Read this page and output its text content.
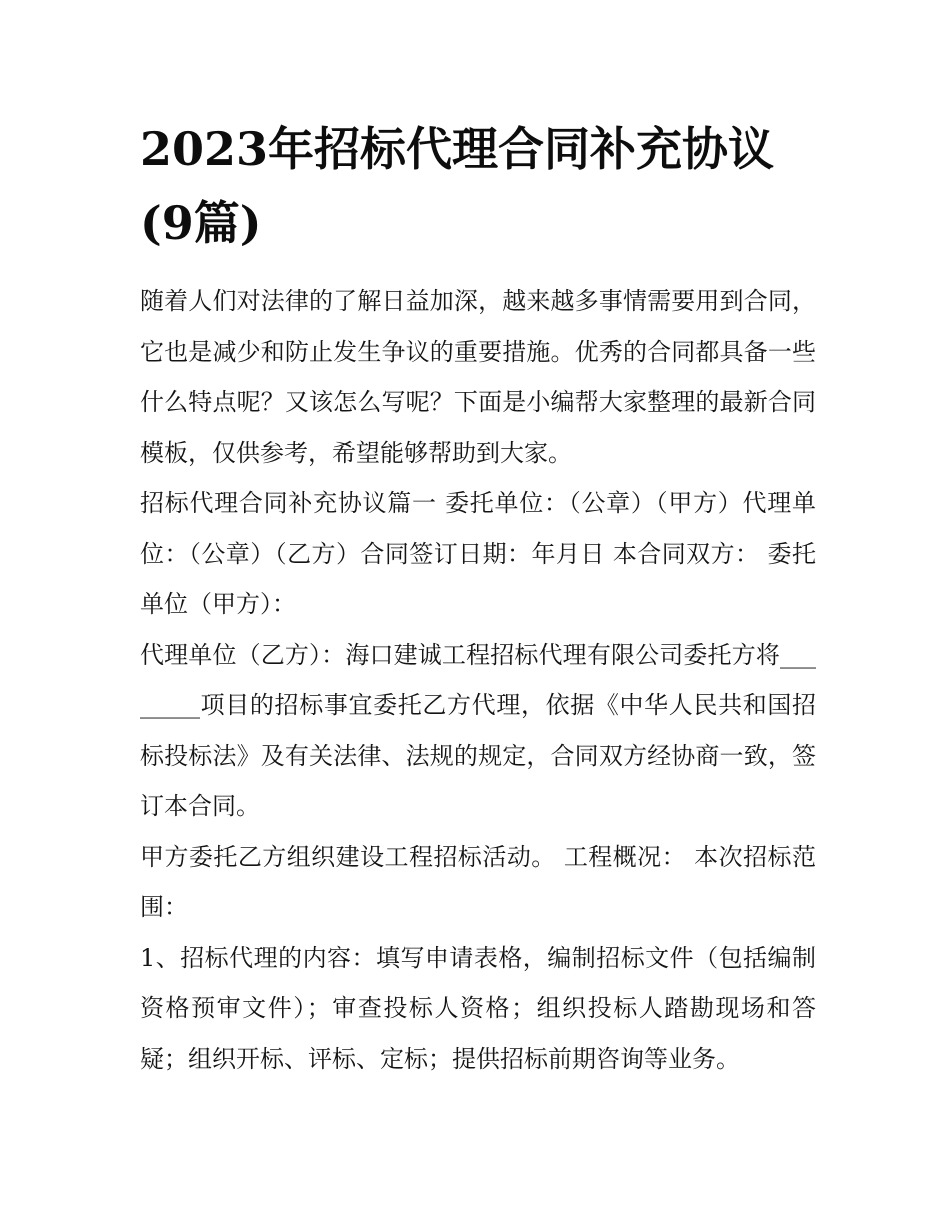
2023年招标代理合同补充协议(9篇)

随着人们对法律的了解日益加深，越来越多事情需要用到合同，它也是减少和防止发生争议的重要措施。优秀的合同都具备一些什么特点呢？又该怎么写呢？下面是小编帮大家整理的最新合同模板，仅供参考，希望能够帮助到大家。

招标代理合同补充协议篇一 委托单位：（公章）（甲方）代理单位：（公章）（乙方）合同签订日期：年月日 本合同双方： 委托单位（甲方）：

代理单位（乙方）：海口建诚工程招标代理有限公司委托方将________项目的招标事宜委托乙方代理，依据《中华人民共和国招标投标法》及有关法律、法规的规定，合同双方经协商一致，签订本合同。

甲方委托乙方组织建设工程招标活动。 工程概况： 本次招标范围：

1、招标代理的内容：填写申请表格，编制招标文件（包括编制资格预审文件）；审查投标人资格；组织投标人踏勘现场和答疑；组织开标、评标、定标；提供招标前期咨询等业务。
